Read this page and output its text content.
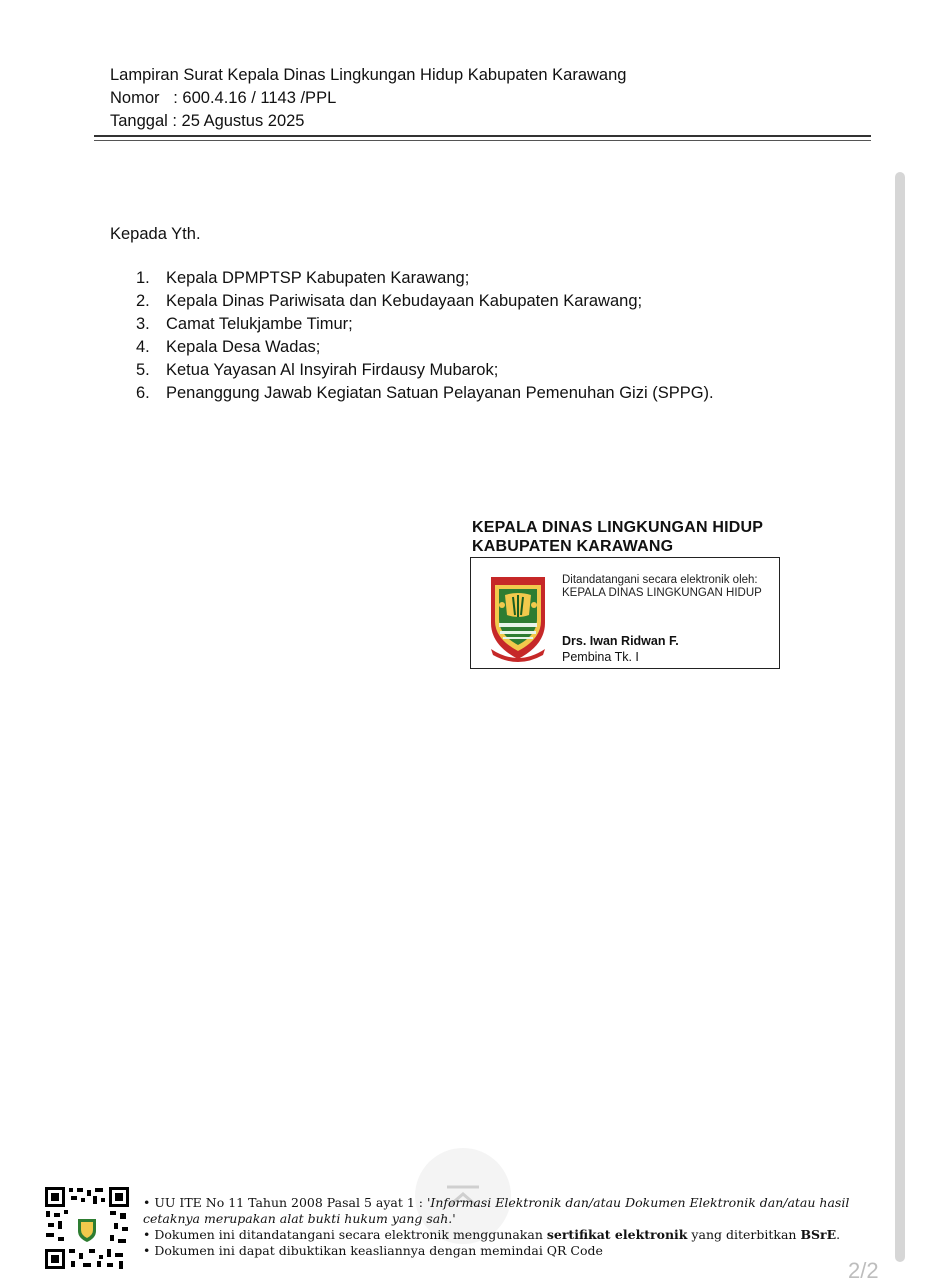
Lampiran Surat Kepala Dinas Lingkungan Hidup Kabupaten Karawang
Nomor   : 600.4.16 / 1143 /PPL
Tanggal : 25 Agustus 2025
Kepada Yth.
1. Kepala DPMPTSP Kabupaten Karawang;
2. Kepala Dinas Pariwisata dan Kebudayaan Kabupaten Karawang;
3. Camat Telukjambe Timur;
4. Kepala Desa Wadas;
5. Ketua Yayasan Al Insyirah Firdausy Mubarok;
6. Penanggung Jawab Kegiatan Satuan Pelayanan Pemenuhan Gizi (SPPG).
KEPALA DINAS LINGKUNGAN HIDUP
KABUPATEN KARAWANG
Ditandatangani secara elektronik oleh:
KEPALA DINAS LINGKUNGAN HIDUP
Drs. Iwan Ridwan F.
Pembina Tk. I
• UU ITE No 11 Tahun 2008 Pasal 5 ayat 1 : 'Informasi Elektronik dan/atau Dokumen Elektronik dan/atau hasil cetaknya merupakan alat bukti hukum yang sah.'
• Dokumen ini ditandatangani secara elektronik menggunakan sertifikat elektronik yang diterbitkan BSrE.
• Dokumen ini dapat dibuktikan keasliannya dengan memindai QR Code
2/2
